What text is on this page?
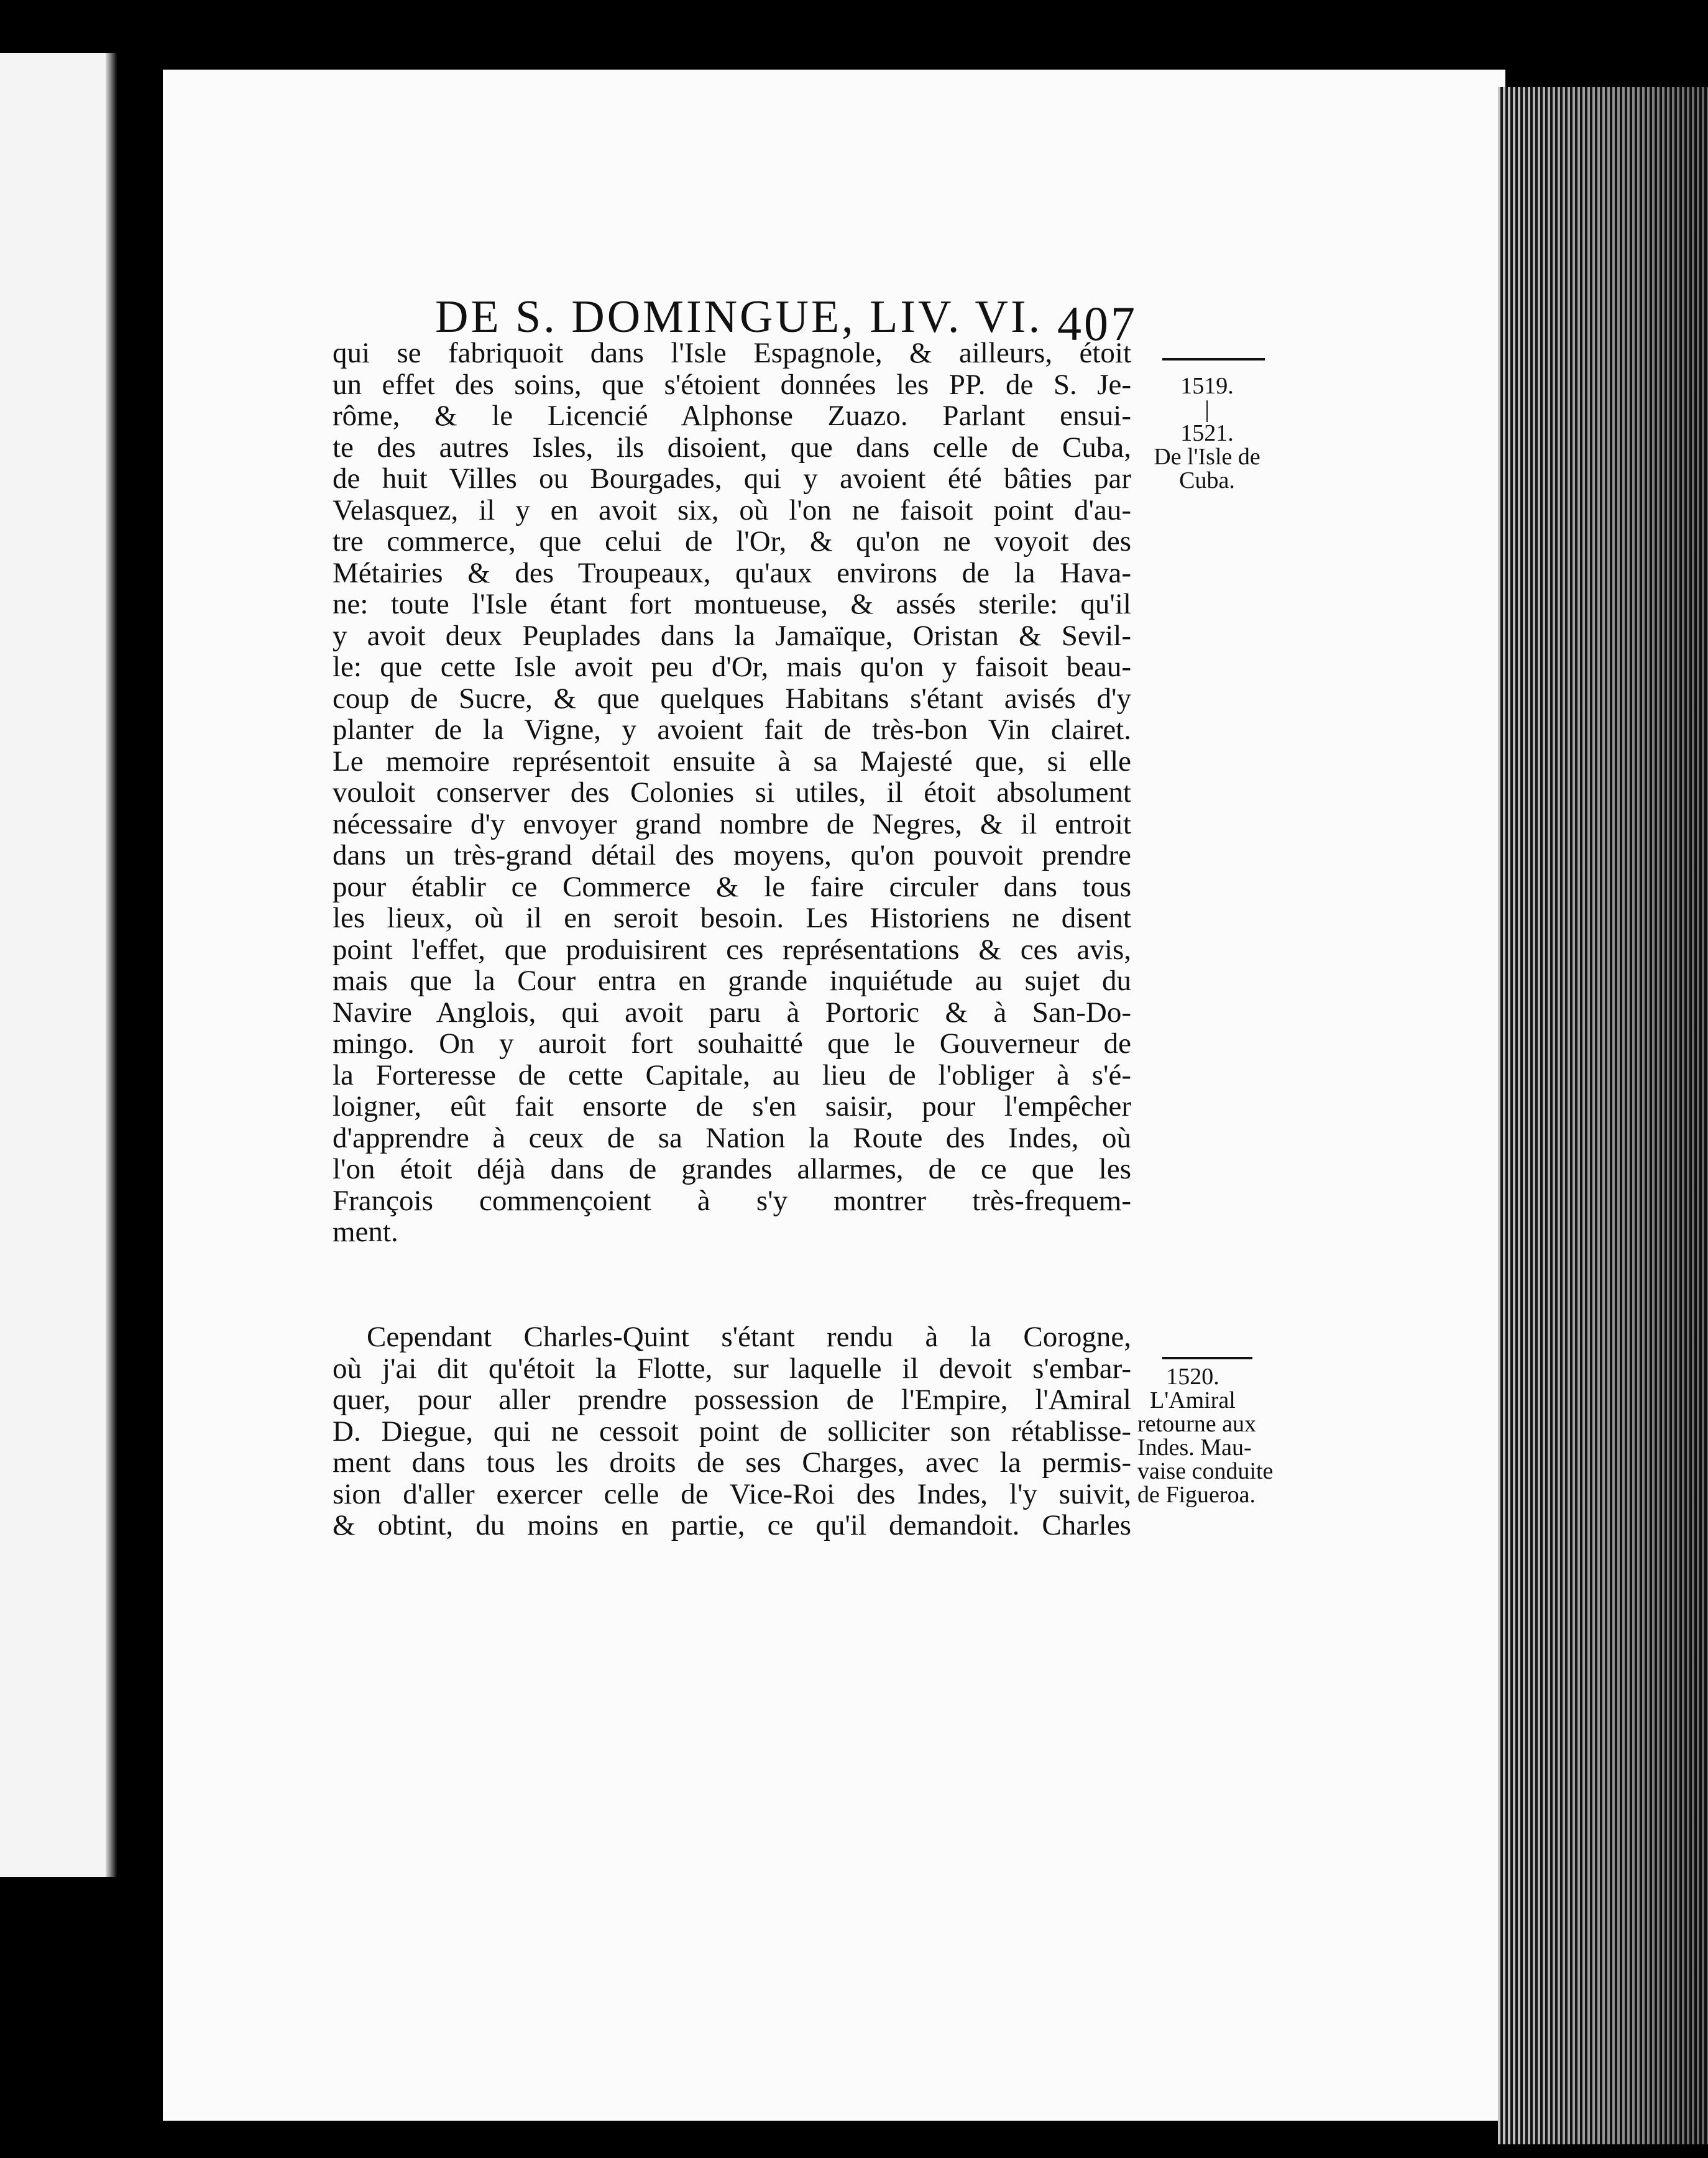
DE S. DOMINGUE, LIV. VI. 407
qui se fabriquoit dans l'Isle Espagnole, & ailleurs, étoit
un effet des soins, que s'étoient données les PP. de S. Je-
rôme, & le Licencié Alphonse Zuazo. Parlant ensui-
te des autres Isles, ils disoient, que dans celle de Cuba,
de huit Villes ou Bourgades, qui y avoient été bâties par
Velasquez, il y en avoit six, où l'on ne faisoit point d'au-
tre commerce, que celui de l'Or, & qu'on ne voyoit des
Métairies & des Troupeaux, qu'aux environs de la Hava-
ne: toute l'Isle étant fort montueuse, & assés sterile: qu'il
y avoit deux Peuplades dans la Jamaïque, Oristan & Sevil-
le: que cette Isle avoit peu d'Or, mais qu'on y faisoit beau-
coup de Sucre, & que quelques Habitans s'étant avisés d'y
planter de la Vigne, y avoient fait de très-bon Vin clairet.
Le memoire représentoit ensuite à sa Majesté que, si elle
vouloit conserver des Colonies si utiles, il étoit absolument
nécessaire d'y envoyer grand nombre de Negres, & il entroit
dans un très-grand détail des moyens, qu'on pouvoit prendre
pour établir ce Commerce & le faire circuler dans tous
les lieux, où il en seroit besoin. Les Historiens ne disent
point l'effet, que produisirent ces représentations & ces avis,
mais que la Cour entra en grande inquiétude au sujet du
Navire Anglois, qui avoit paru à Portoric & à San-Do-
mingo. On y auroit fort souhaitté que le Gouverneur de
la Forteresse de cette Capitale, au lieu de l'obliger à s'é-
loigner, eût fait ensorte de s'en saisir, pour l'empêcher
d'apprendre à ceux de sa Nation la Route des Indes, où
l'on étoit déjà dans de grandes allarmes, de ce que les
François commençoient à s'y montrer très-frequem-
ment.
Cependant Charles-Quint s'étant rendu à la Corogne,
où j'ai dit qu'étoit la Flotte, sur laquelle il devoit s'embar-
quer, pour aller prendre possession de l'Empire, l'Amiral
D. Diegue, qui ne cessoit point de solliciter son rétablisse-
ment dans tous les droits de ses Charges, avec la permis-
sion d'aller exercer celle de Vice-Roi des Indes, l'y suivit,
& obtint, du moins en partie, ce qu'il demandoit. Charles
1519.
|
1521.
De l'Isle de
Cuba.
1520.
L'Amiral
retourne aux
Indes. Mau-
vaise conduite
de Figueroa.
